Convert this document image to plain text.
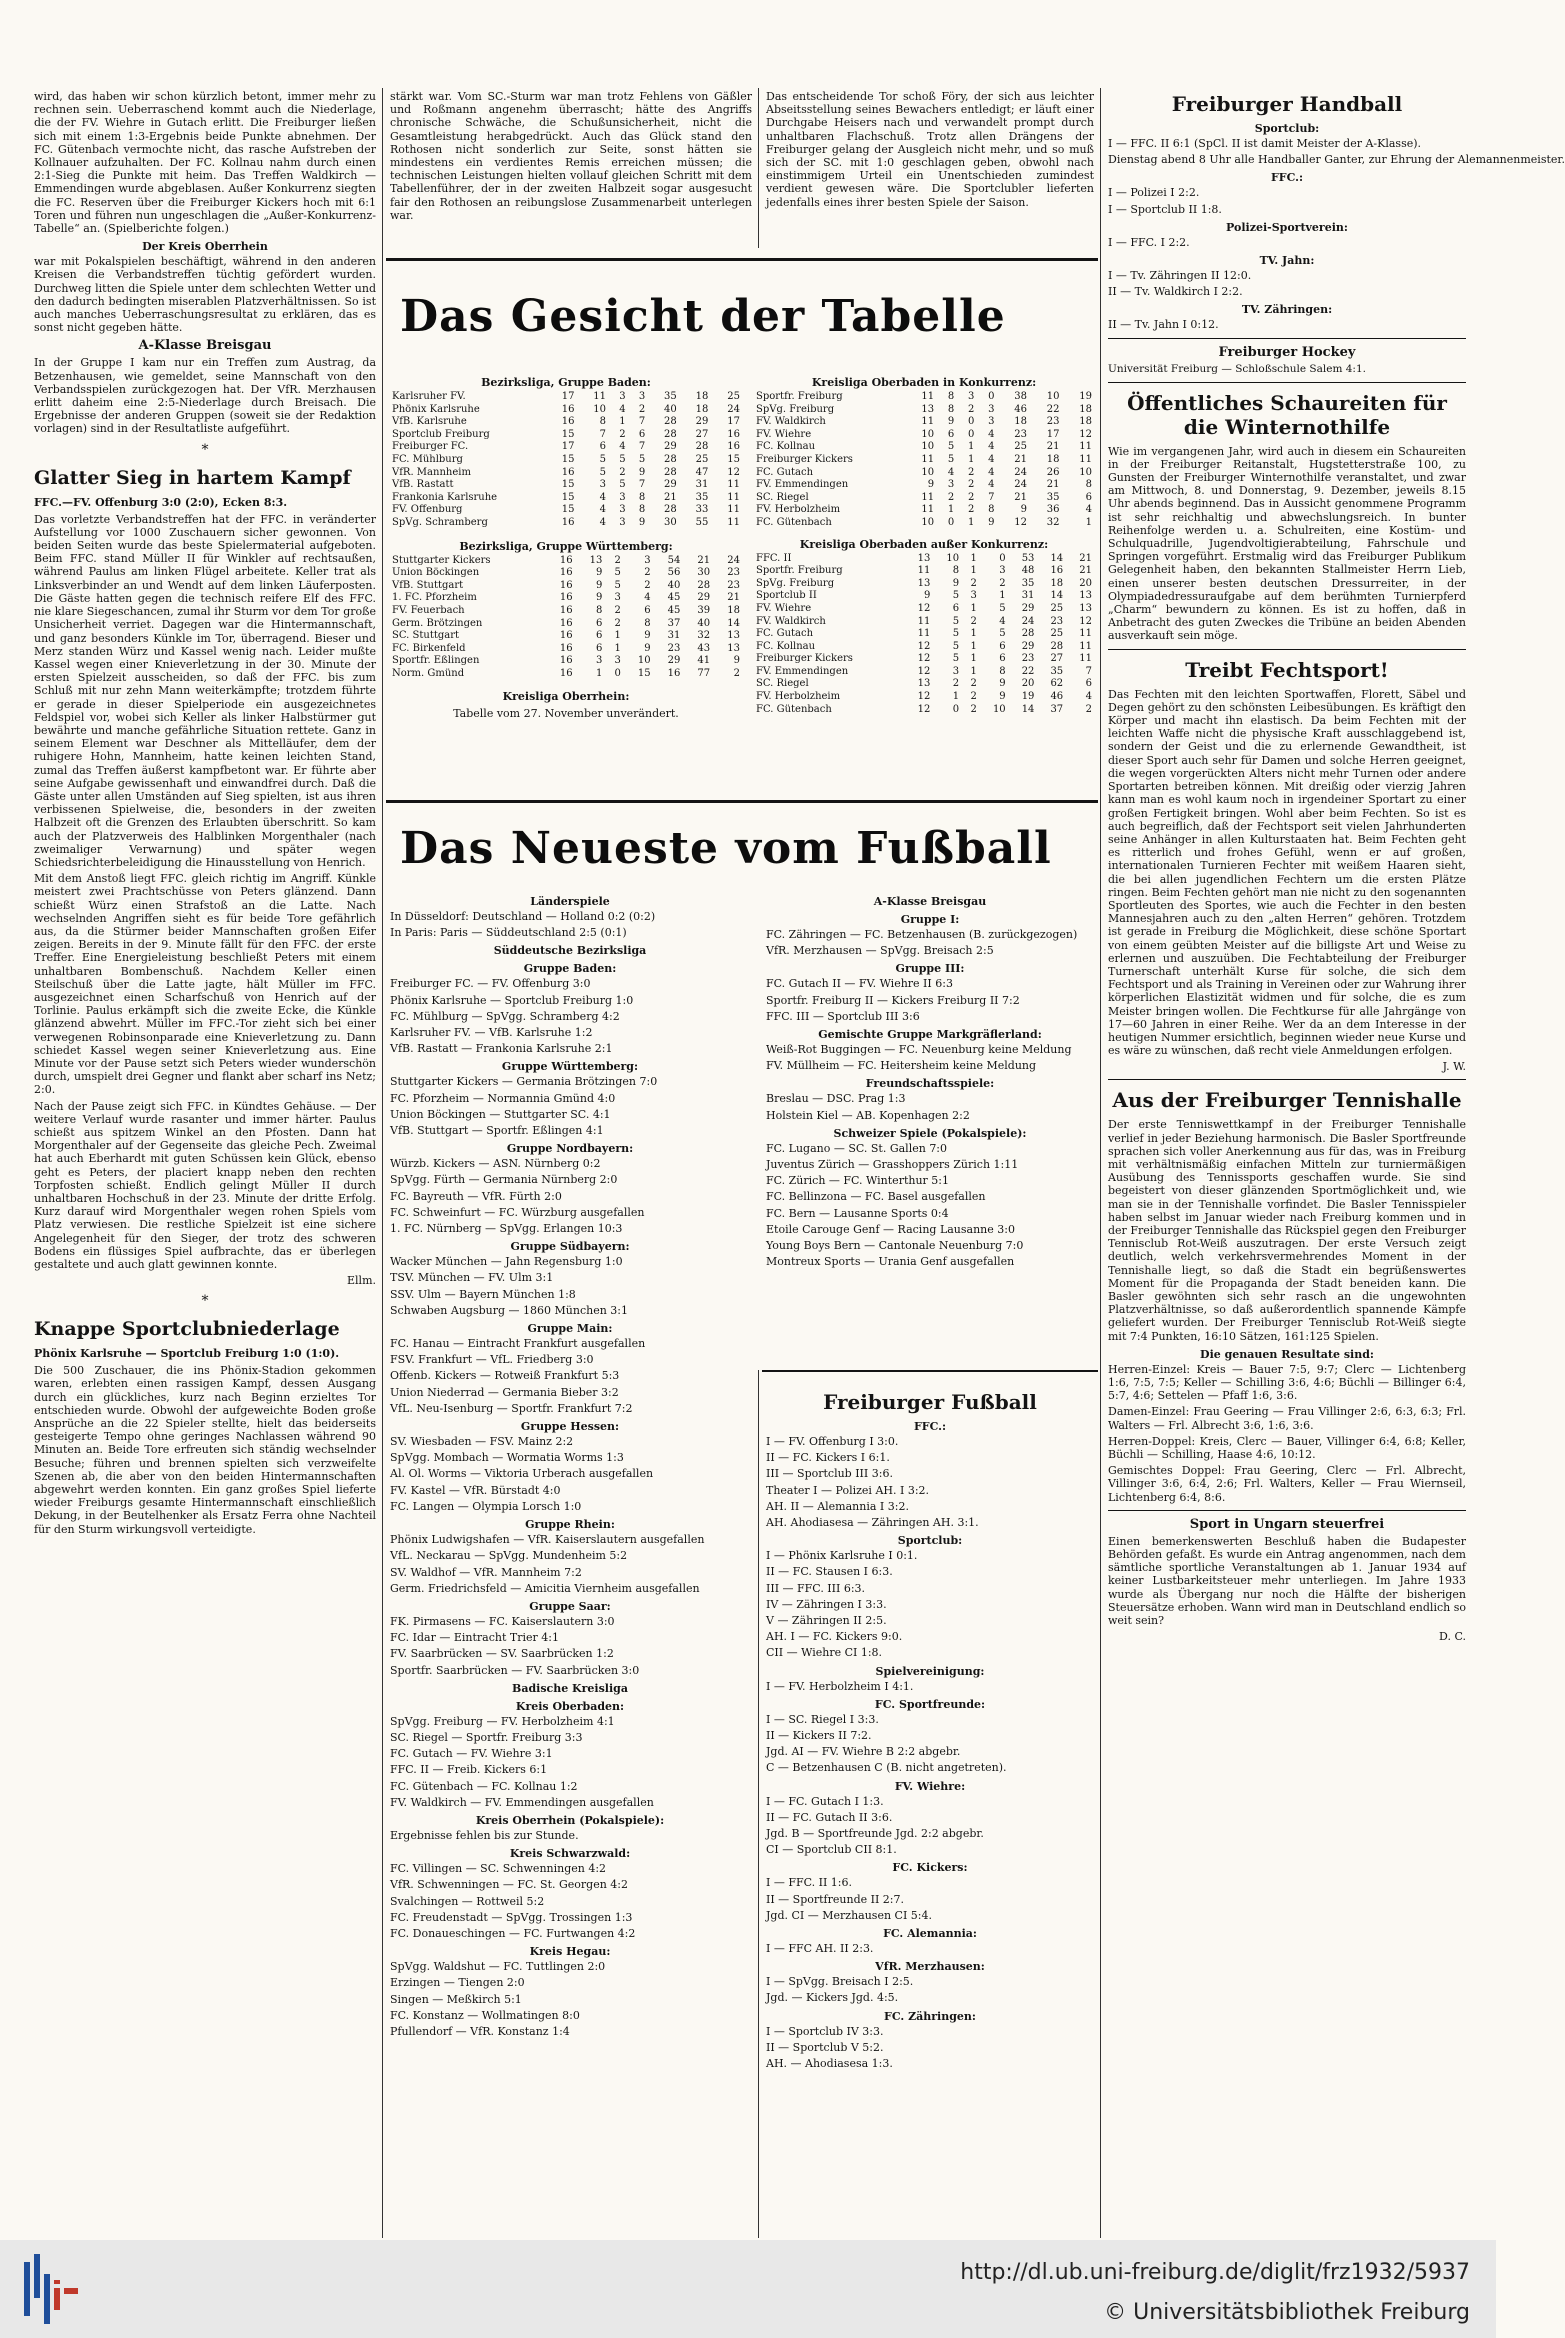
wird, das haben wir schon kürzlich betont, immer mehr zu rechnen sein. Ueberraschend kommt auch die Niederlage, die der FV. Wiehre in Gutach erlitt. Die Freiburger ließen sich mit einem 1:3-Ergebnis beide Punkte abnehmen. Der FC. Gütenbach vermochte nicht, das rasche Aufstreben der Kollnauer aufzuhalten. Der FC. Kollnau nahm durch einen 2:1-Sieg die Punkte mit heim. Das Treffen Waldkirch — Emmendingen wurde abgeblasen. Außer Konkurrenz siegten die FC. Reserven über die Freiburger Kickers hoch mit 6:1 Toren und führen nun ungeschlagen die „Außer-Konkurrenz-Tabelle“ an. (Spielberichte folgen.)

Der Kreis Oberrhein

war mit Pokalspielen beschäftigt, während in den anderen Kreisen die Verbandstreffen tüchtig gefördert wurden. Durchweg litten die Spiele unter dem schlechten Wetter und den dadurch bedingten miserablen Platzverhältnissen. So ist auch manches Ueberraschungsresultat zu erklären, das es sonst nicht gegeben hätte.

A-Klasse Breisgau

In der Gruppe I kam nur ein Treffen zum Austrag, da Betzenhausen, wie gemeldet, seine Mannschaft von den Verbandsspielen zurückgezogen hat. Der VfR. Merzhausen erlitt daheim eine 2:5-Niederlage durch Breisach. Die Ergebnisse der anderen Gruppen (soweit sie der Redaktion vorlagen) sind in der Resultatliste aufgeführt.

*
Glatter Sieg in hartem Kampf
FFC.—FV. Offenburg 3:0 (2:0), Ecken 8:3.

Das vorletzte Verbandstreffen hat der FFC. in veränderter Aufstellung vor 1000 Zuschauern sicher gewonnen. Von beiden Seiten wurde das beste Spielermaterial aufgeboten. Beim FFC. stand Müller II für Winkler auf rechtsaußen, während Paulus am linken Flügel arbeitete. Keller trat als Linksverbinder an und Wendt auf dem linken Läuferposten. Die Gäste hatten gegen die technisch reifere Elf des FFC. nie klare Siegeschancen, zumal ihr Sturm vor dem Tor große Unsicherheit verriet. Dagegen war die Hintermannschaft, und ganz besonders Künkle im Tor, überragend. Bieser und Merz standen Würz und Kassel wenig nach. Leider mußte Kassel wegen einer Knieverletzung in der 30. Minute der ersten Spielzeit ausscheiden, so daß der FFC. bis zum Schluß mit nur zehn Mann weiterkämpfte; trotzdem führte er gerade in dieser Spielperiode ein ausgezeichnetes Feldspiel vor, wobei sich Keller als linker Halbstürmer gut bewährte und manche gefährliche Situation rettete. Ganz in seinem Element war Deschner als Mittelläufer, dem der ruhigere Hohn, Mannheim, hatte keinen leichten Stand, zumal das Treffen äußerst kampfbetont war. Er führte aber seine Aufgabe gewissenhaft und einwandfrei durch. Daß die Gäste unter allen Umständen auf Sieg spielten, ist aus ihren verbissenen Spielweise, die, besonders in der zweiten Halbzeit oft die Grenzen des Erlaubten überschritt. So kam auch der Platzverweis des Halblinken Morgenthaler (nach zweimaliger Verwarnung) und später wegen Schiedsrichterbeleidigung die Hinausstellung von Henrich.

Mit dem Anstoß liegt FFC. gleich richtig im Angriff. Künkle meistert zwei Prachtschüsse von Peters glänzend. Dann schießt Würz einen Strafstoß an die Latte. Nach wechselnden Angriffen sieht es für beide Tore gefährlich aus, da die Stürmer beider Mannschaften großen Eifer zeigen. Bereits in der 9. Minute fällt für den FFC. der erste Treffer. Eine Energieleistung beschließt Peters mit einem unhaltbaren Bombenschuß. Nachdem Keller einen Steilschuß über die Latte jagte, hält Müller im FFC. ausgezeichnet einen Scharfschuß von Henrich auf der Torlinie. Paulus erkämpft sich die zweite Ecke, die Künkle glänzend abwehrt. Müller im FFC.-Tor zieht sich bei einer verwegenen Robinsonparade eine Knieverletzung zu. Dann schiedet Kassel wegen seiner Knieverletzung aus. Eine Minute vor der Pause setzt sich Peters wieder wunderschön durch, umspielt drei Gegner und flankt aber scharf ins Netz; 2:0.

Nach der Pause zeigt sich FFC. in Kündtes Gehäuse. — Der weitere Verlauf wurde rasanter und immer härter. Paulus schießt aus spitzem Winkel an den Pfosten. Dann hat Morgenthaler auf der Gegenseite das gleiche Pech. Zweimal hat auch Eberhardt mit guten Schüssen kein Glück, ebenso geht es Peters, der placiert knapp neben den rechten Torpfosten schießt. Endlich gelingt Müller II durch unhaltbaren Hochschuß in der 23. Minute der dritte Erfolg. Kurz darauf wird Morgenthaler wegen rohen Spiels vom Platz verwiesen. Die restliche Spielzeit ist eine sichere Angelegenheit für den Sieger, der trotz des schweren Bodens ein flüssiges Spiel aufbrachte, das er überlegen gestaltete und auch glatt gewinnen konnte.

Ellm.
*
Knappe Sportclubniederlage
Phönix Karlsruhe — Sportclub Freiburg 1:0 (1:0).

Die 500 Zuschauer, die ins Phönix-Stadion gekommen waren, erlebten einen rassigen Kampf, dessen Ausgang durch ein glückliches, kurz nach Beginn erzieltes Tor entschieden wurde. Obwohl der aufgeweichte Boden große Ansprüche an die 22 Spieler stellte, hielt das beiderseits gesteigerte Tempo ohne geringes Nachlassen während 90 Minuten an. Beide Tore erfreuten sich ständig wechselnder Besuche; führen und brennen spielten sich verzweifelte Szenen ab, die aber von den beiden Hintermannschaften abgewehrt werden konnten. Ein ganz großes Spiel lieferte wieder Freiburgs gesamte Hintermannschaft einschließlich Dekung, in der Beutelhenker als Ersatz Ferra ohne Nachteil für den Sturm wirkungsvoll verteidigte.

stärkt war. Vom SC.-Sturm war man trotz Fehlens von Gäßler und Roßmann angenehm überrascht; hätte des Angriffs chronische Schwäche, die Schußunsicherheit, nicht die Gesamtleistung herabgedrückt. Auch das Glück stand den Rothosen nicht sonderlich zur Seite, sonst hätten sie mindestens ein verdientes Remis erreichen müssen; die technischen Leistungen hielten vollauf gleichen Schritt mit dem Tabellenführer, der in der zweiten Halbzeit sogar ausgesucht fair den Rothosen an reibungslose Zusammenarbeit unterlegen war.

Das entscheidende Tor schoß Föry, der sich aus leichter Abseitsstellung seines Bewachers entledigt; er läuft einer Durchgabe Heisers nach und verwandelt prompt durch unhaltbaren Flachschuß. Trotz allen Drängens der Freiburger gelang der Ausgleich nicht mehr, und so muß sich der SC. mit 1:0 geschlagen geben, obwohl nach einstimmigem Urteil ein Unentschieden zumindest verdient gewesen wäre. Die Sportclubler lieferten jedenfalls eines ihrer besten Spiele der Saison.

Das Gesicht der Tabelle
Bezirksliga, Gruppe Baden:
Karlsruher FV.	17	11	3	3	35	18	25
Phönix Karlsruhe	16	10	4	2	40	18	24
VfB. Karlsruhe	16	8	1	7	28	29	17
Sportclub Freiburg	15	7	2	6	28	27	16
Freiburger FC.	17	6	4	7	29	28	16
FC. Mühlburg	15	5	5	5	28	25	15
VfR. Mannheim	16	5	2	9	28	47	12
VfB. Rastatt	15	3	5	7	29	31	11
Frankonia Karlsruhe	15	4	3	8	21	35	11
FV. Offenburg	15	4	3	8	28	33	11
SpVg. Schramberg	16	4	3	9	30	55	11
Bezirksliga, Gruppe Württemberg:
Stuttgarter Kickers	16	13	2	3	54	21	24
Union Böckingen	16	9	5	2	56	30	23
VfB. Stuttgart	16	9	5	2	40	28	23
1. FC. Pforzheim	16	9	3	4	45	29	21
FV. Feuerbach	16	8	2	6	45	39	18
Germ. Brötzingen	16	6	2	8	37	40	14
SC. Stuttgart	16	6	1	9	31	32	13
FC. Birkenfeld	16	6	1	9	23	43	13
Sportfr. Eßlingen	16	3	3	10	29	41	9
Norm. Gmünd	16	1	0	15	16	77	2
Kreisliga Oberrhein:
Tabelle vom 27. November unverändert.
Kreisliga Oberbaden in Konkurrenz:
Sportfr. Freiburg	11	8	3	0	38	10	19
SpVg. Freiburg	13	8	2	3	46	22	18
FV. Waldkirch	11	9	0	3	18	23	18
FV. Wiehre	10	6	0	4	23	17	12
FC. Kollnau	10	5	1	4	25	21	11
Freiburger Kickers	11	5	1	4	21	18	11
FC. Gutach	10	4	2	4	24	26	10
FV. Emmendingen	9	3	2	4	24	21	8
SC. Riegel	11	2	2	7	21	35	6
FV. Herbolzheim	11	1	2	8	9	36	4
FC. Gütenbach	10	0	1	9	12	32	1
Kreisliga Oberbaden außer Konkurrenz:
FFC. II	13	10	1	0	53	14	21
Sportfr. Freiburg	11	8	1	3	48	16	21
SpVg. Freiburg	13	9	2	2	35	18	20
Sportclub II	9	5	3	1	31	14	13
FV. Wiehre	12	6	1	5	29	25	13
FV. Waldkirch	11	5	2	4	24	23	12
FC. Gutach	11	5	1	5	28	25	11
FC. Kollnau	12	5	1	6	29	28	11
Freiburger Kickers	12	5	1	6	23	27	11
FV. Emmendingen	12	3	1	8	22	35	7
SC. Riegel	13	2	2	9	20	62	6
FV. Herbolzheim	12	1	2	9	19	46	4
FC. Gütenbach	12	0	2	10	14	37	2
Das Neueste vom Fußball
Länderspiele

In Düsseldorf: Deutschland — Holland 0:2 (0:2)

In Paris: Paris — Süddeutschland 2:5 (0:1)

Süddeutsche Bezirksliga
Gruppe Baden:

Freiburger FC. — FV. Offenburg 3:0

Phönix Karlsruhe — Sportclub Freiburg 1:0

FC. Mühlburg — SpVgg. Schramberg 4:2

Karlsruher FV. — VfB. Karlsruhe 1:2

VfB. Rastatt — Frankonia Karlsruhe 2:1

Gruppe Württemberg:

Stuttgarter Kickers — Germania Brötzingen 7:0

FC. Pforzheim — Normannia Gmünd 4:0

Union Böckingen — Stuttgarter SC. 4:1

VfB. Stuttgart — Sportfr. Eßlingen 4:1

Gruppe Nordbayern:

Würzb. Kickers — ASN. Nürnberg 0:2

SpVgg. Fürth — Germania Nürnberg 2:0

FC. Bayreuth — VfR. Fürth 2:0

FC. Schweinfurt — FC. Würzburg ausgefallen

1. FC. Nürnberg — SpVgg. Erlangen 10:3

Gruppe Südbayern:

Wacker München — Jahn Regensburg 1:0

TSV. München — FV. Ulm 3:1

SSV. Ulm — Bayern München 1:8

Schwaben Augsburg — 1860 München 3:1

Gruppe Main:

FC. Hanau — Eintracht Frankfurt ausgefallen

FSV. Frankfurt — VfL. Friedberg 3:0

Offenb. Kickers — Rotweiß Frankfurt 5:3

Union Niederrad — Germania Bieber 3:2

VfL. Neu-Isenburg — Sportfr. Frankfurt 7:2

Gruppe Hessen:

SV. Wiesbaden — FSV. Mainz 2:2

SpVgg. Mombach — Wormatia Worms 1:3

Al. Ol. Worms — Viktoria Urberach ausgefallen

FV. Kastel — VfR. Bürstadt 4:0

FC. Langen — Olympia Lorsch 1:0

Gruppe Rhein:

Phönix Ludwigshafen — VfR. Kaiserslautern ausgefallen

VfL. Neckarau — SpVgg. Mundenheim 5:2

SV. Waldhof — VfR. Mannheim 7:2

Germ. Friedrichsfeld — Amicitia Viernheim ausgefallen

Gruppe Saar:

FK. Pirmasens — FC. Kaiserslautern 3:0

FC. Idar — Eintracht Trier 4:1

FV. Saarbrücken — SV. Saarbrücken 1:2

Sportfr. Saarbrücken — FV. Saarbrücken 3:0

Badische Kreisliga
Kreis Oberbaden:

SpVgg. Freiburg — FV. Herbolzheim 4:1

SC. Riegel — Sportfr. Freiburg 3:3

FC. Gutach — FV. Wiehre 3:1

FFC. II — Freib. Kickers 6:1

FC. Gütenbach — FC. Kollnau 1:2

FV. Waldkirch — FV. Emmendingen ausgefallen

Kreis Oberrhein (Pokalspiele):

Ergebnisse fehlen bis zur Stunde.

Kreis Schwarzwald:

FC. Villingen — SC. Schwenningen 4:2

VfR. Schwenningen — FC. St. Georgen 4:2

Svalchingen — Rottweil 5:2

FC. Freudenstadt — SpVgg. Trossingen 1:3

FC. Donaueschingen — FC. Furtwangen 4:2

Kreis Hegau:

SpVgg. Waldshut — FC. Tuttlingen 2:0

Erzingen — Tiengen 2:0

Singen — Meßkirch 5:1

FC. Konstanz — Wollmatingen 8:0

Pfullendorf — VfR. Konstanz 1:4

A-Klasse Breisgau
Gruppe I:

FC. Zähringen — FC. Betzenhausen (B. zurückgezogen)

VfR. Merzhausen — SpVgg. Breisach 2:5

Gruppe III:

FC. Gutach II — FV. Wiehre II 6:3

Sportfr. Freiburg II — Kickers Freiburg II 7:2

FFC. III — Sportclub III 3:6

Gemischte Gruppe Markgräflerland:

Weiß-Rot Buggingen — FC. Neuenburg keine Meldung

FV. Müllheim — FC. Heitersheim keine Meldung

Freundschaftsspiele:

Breslau — DSC. Prag 1:3

Holstein Kiel — AB. Kopenhagen 2:2

Schweizer Spiele (Pokalspiele):

FC. Lugano — SC. St. Gallen 7:0

Juventus Zürich — Grasshoppers Zürich 1:11

FC. Zürich — FC. Winterthur 5:1

FC. Bellinzona — FC. Basel ausgefallen

FC. Bern — Lausanne Sports 0:4

Etoile Carouge Genf — Racing Lausanne 3:0

Young Boys Bern — Cantonale Neuenburg 7:0

Montreux Sports — Urania Genf ausgefallen

Freiburger Fußball
FFC.:

I — FV. Offenburg I 3:0.

II — FC. Kickers I 6:1.

III — Sportclub III 3:6.

Theater I — Polizei AH. I 3:2.

AH. II — Alemannia I 3:2.

AH. Ahodiasesa — Zähringen AH. 3:1.

Sportclub:

I — Phönix Karlsruhe I 0:1.

II — FC. Stausen I 6:3.

III — FFC. III 6:3.

IV — Zähringen I 3:3.

V — Zähringen II 2:5.

AH. I — FC. Kickers 9:0.

CII — Wiehre CI 1:8.

Spielvereinigung:

I — FV. Herbolzheim I 4:1.

FC. Sportfreunde:

I — SC. Riegel I 3:3.

II — Kickers II 7:2.

Jgd. AI — FV. Wiehre B 2:2 abgebr.

C — Betzenhausen C (B. nicht angetreten).

FV. Wiehre:

I — FC. Gutach I 1:3.

II — FC. Gutach II 3:6.

Jgd. B — Sportfreunde Jgd. 2:2 abgebr.

CI — Sportclub CII 8:1.

FC. Kickers:

I — FFC. II 1:6.

II — Sportfreunde II 2:7.

Jgd. CI — Merzhausen CI 5:4.

FC. Alemannia:

I — FFC AH. II 2:3.

VfR. Merzhausen:

I — SpVgg. Breisach I 2:5.

Jgd. — Kickers Jgd. 4:5.

FC. Zähringen:

I — Sportclub IV 3:3.

II — Sportclub V 5:2.

AH. — Ahodiasesa 1:3.

Freiburger Handball
Sportclub:

I — FFC. II 6:1 (SpCl. II ist damit Meister der A-Klasse).

Dienstag abend 8 Uhr alle Handballer Ganter, zur Ehrung der Alemannenmeister.

FFC.:

I — Polizei I 2:2.

I — Sportclub II 1:8.

Polizei-Sportverein:

I — FFC. I 2:2.

TV. Jahn:

I — Tv. Zähringen II 12:0.

II — Tv. Waldkirch I 2:2.

TV. Zähringen:

II — Tv. Jahn I 0:12.

Freiburger Hockey

Universität Freiburg — Schloßschule Salem 4:1.

Öffentliches Schaureiten für die Winternothilfe

Wie im vergangenen Jahr, wird auch in diesem ein Schaureiten in der Freiburger Reitanstalt, Hugstetterstraße 100, zu Gunsten der Freiburger Winternothilfe veranstaltet, und zwar am Mittwoch, 8. und Donnerstag, 9. Dezember, jeweils 8.15 Uhr abends beginnend. Das in Aussicht genommene Programm ist sehr reichhaltig und abwechslungsreich. In bunter Reihenfolge werden u. a. Schulreiten, eine Kostüm- und Schulquadrille, Jugendvoltigierabteilung, Fahrschule und Springen vorgeführt. Erstmalig wird das Freiburger Publikum Gelegenheit haben, den bekannten Stallmeister Herrn Lieb, einen unserer besten deutschen Dressurreiter, in der Olympiadedressuraufgabe auf dem berühmten Turnierpferd „Charm“ bewundern zu können. Es ist zu hoffen, daß in Anbetracht des guten Zweckes die Tribüne an beiden Abenden ausverkauft sein möge.

Treibt Fechtsport!

Das Fechten mit den leichten Sportwaffen, Florett, Säbel und Degen gehört zu den schönsten Leibesübungen. Es kräftigt den Körper und macht ihn elastisch. Da beim Fechten mit der leichten Waffe nicht die physische Kraft ausschlaggebend ist, sondern der Geist und die zu erlernende Gewandtheit, ist dieser Sport auch sehr für Damen und solche Herren geeignet, die wegen vorgerückten Alters nicht mehr Turnen oder andere Sportarten betreiben können. Mit dreißig oder vierzig Jahren kann man es wohl kaum noch in irgendeiner Sportart zu einer großen Fertigkeit bringen. Wohl aber beim Fechten. So ist es auch begreiflich, daß der Fechtsport seit vielen Jahrhunderten seine Anhänger in allen Kulturstaaten hat. Beim Fechten geht es ritterlich und frohes Gefühl, wenn er auf großen, internationalen Turnieren Fechter mit weißem Haaren sieht, die bei allen jugendlichen Fechtern um die ersten Plätze ringen. Beim Fechten gehört man nie nicht zu den sogenannten Sportleuten des Sportes, wie auch die Fechter in den besten Mannesjahren auch zu den „alten Herren“ gehören. Trotzdem ist gerade in Freiburg die Möglichkeit, diese schöne Sportart von einem geübten Meister auf die billigste Art und Weise zu erlernen und auszuüben. Die Fechtabteilung der Freiburger Turnerschaft unterhält Kurse für solche, die sich dem Fechtsport und als Training in Vereinen oder zur Wahrung ihrer körperlichen Elastizität widmen und für solche, die es zum Meister bringen wollen. Die Fechtkurse für alle Jahrgänge von 17—60 Jahren in einer Reihe. Wer da an dem Interesse in der heutigen Nummer ersichtlich, beginnen wieder neue Kurse und es wäre zu wünschen, daß recht viele Anmeldungen erfolgen.

J. W.
Aus der Freiburger Tennishalle

Der erste Tenniswettkampf in der Freiburger Tennishalle verlief in jeder Beziehung harmonisch. Die Basler Sportfreunde sprachen sich voller Anerkennung aus für das, was in Freiburg mit verhältnismäßig einfachen Mitteln zur turniermäßigen Ausübung des Tennissports geschaffen wurde. Sie sind begeistert von dieser glänzenden Sportmöglichkeit und, wie man sie in der Tennishalle vorfindet. Die Basler Tennisspieler haben selbst im Januar wieder nach Freiburg kommen und in der Freiburger Tennishalle das Rückspiel gegen den Freiburger Tennisclub Rot-Weiß auszutragen. Der erste Versuch zeigt deutlich, welch verkehrsvermehrendes Moment in der Tennishalle liegt, so daß die Stadt ein begrüßenswertes Moment für die Propaganda der Stadt beneiden kann. Die Basler gewöhnten sich sehr rasch an die ungewohnten Platzverhältnisse, so daß außerordentlich spannende Kämpfe geliefert wurden. Der Freiburger Tennisclub Rot-Weiß siegte mit 7:4 Punkten, 16:10 Sätzen, 161:125 Spielen.

Die genauen Resultate sind:

Herren-Einzel: Kreis — Bauer 7:5, 9:7; Clerc — Lichtenberg 1:6, 7:5, 7:5; Keller — Schilling 3:6, 4:6; Büchli — Billinger 6:4, 5:7, 4:6; Settelen — Pfaff 1:6, 3:6.

Damen-Einzel: Frau Geering — Frau Villinger 2:6, 6:3, 6:3; Frl. Walters — Frl. Albrecht 3:6, 1:6, 3:6.

Herren-Doppel: Kreis, Clerc — Bauer, Villinger 6:4, 6:8; Keller, Büchli — Schilling, Haase 4:6, 10:12.

Gemischtes Doppel: Frau Geering, Clerc — Frl. Albrecht, Villinger 3:6, 6:4, 2:6; Frl. Walters, Keller — Frau Wiernseil, Lichtenberg 6:4, 8:6.

Sport in Ungarn steuerfrei

Einen bemerkenswerten Beschluß haben die Budapester Behörden gefaßt. Es wurde ein Antrag angenommen, nach dem sämtliche sportliche Veranstaltungen ab 1. Januar 1934 auf keiner Lustbarkeitsteuer mehr unterliegen. Im Jahre 1933 wurde als Übergang nur noch die Hälfte der bisherigen Steuersätze erhoben. Wann wird man in Deutschland endlich so weit sein?

D. C.
http://dl.ub.uni-freiburg.de/diglit/frz1932/5937
© Universitätsbibliothek Freiburg
